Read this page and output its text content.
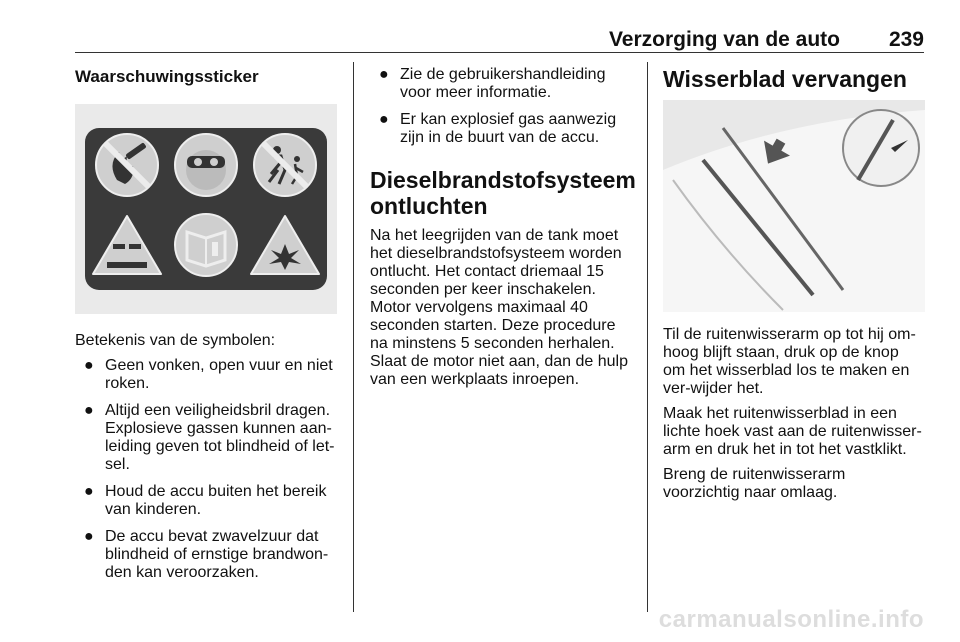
Verzorging van de auto 239
Waarschuwingssticker

Betekenis van de symbolen:

● Geen vonken, open vuur en niet roken.
● Altijd een veiligheidsbril dragen. Explosieve gassen kunnen aan-leiding geven tot blindheid of let-sel.
● Houd de accu buiten het bereik van kinderen.
● De accu bevat zwavelzuur dat blindheid of ernstige brandwon-den kan veroorzaken.
● Zie de gebruikershandleiding voor meer informatie.
● Er kan explosief gas aanwezig zijn in de buurt van de accu.
Dieselbrandstofsysteem ontluchten

Na het leegrijden van de tank moet het dieselbrandstofsysteem worden ontlucht. Het contact driemaal 15 seconden per keer inschakelen. Motor vervolgens maximaal 40 seconden starten. Deze procedure na minstens 5 seconden herhalen. Slaat de motor niet aan, dan de hulp van een werkplaats inroepen.

Wisserblad vervangen

Til de ruitenwisserarm op tot hij om-hoog blijft staan, druk op de knop om het wisserblad los te maken en ver-wijder het.

Maak het ruitenwisserblad in een lichte hoek vast aan de ruitenwisser-arm en druk het in tot het vastklikt.

Breng de ruitenwisserarm voorzichtig naar omlaag.

carmanualsonline.info
